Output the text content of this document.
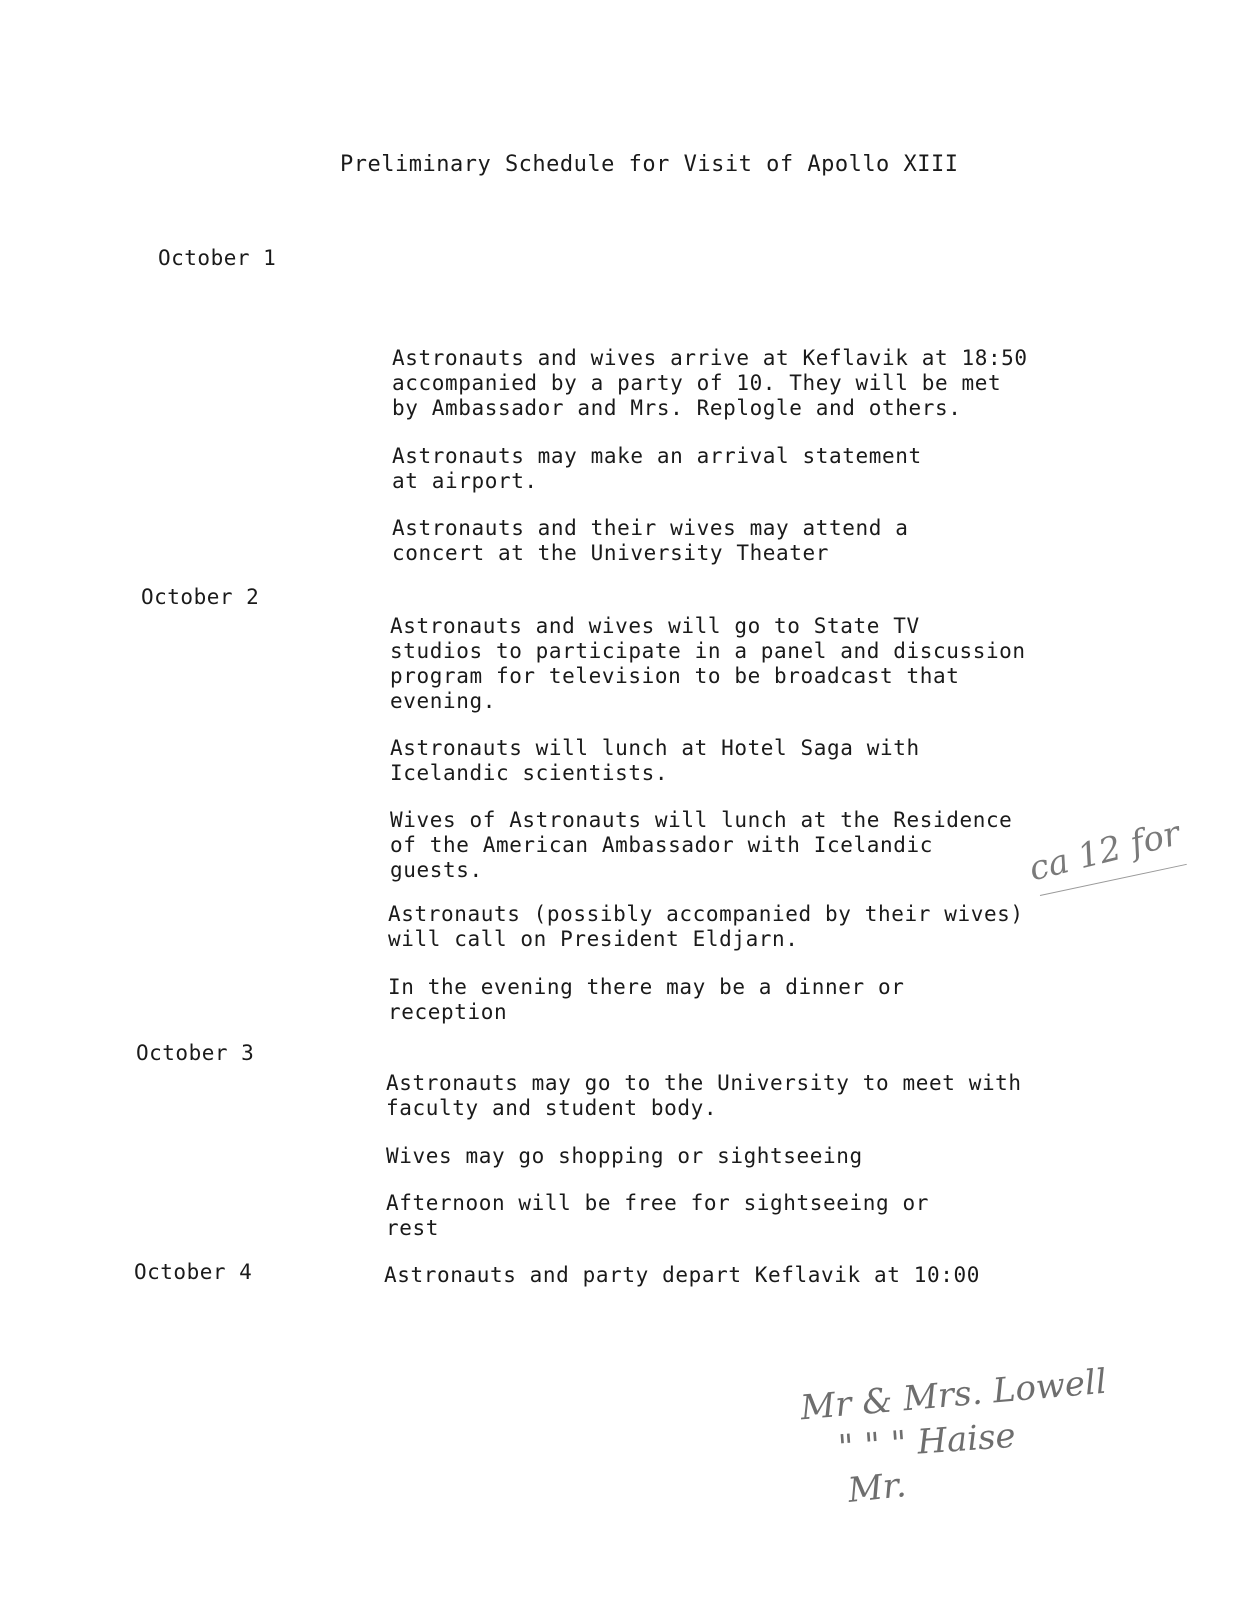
Preliminary Schedule for Visit of Apollo XIII
October 1
Astronauts and wives arrive at Keflavik at 18:50
accompanied by a party of 10. They will be met
by Ambassador and Mrs. Replogle and others.
Astronauts may make an arrival statement
at airport.
Astronauts and their wives may attend a
concert at the University Theater
October 2
Astronauts and wives will go to State TV
studios to participate in a panel and discussion
program for television to be broadcast that
evening.
Astronauts will lunch at Hotel Saga with
Icelandic scientists.
Wives of Astronauts will lunch at the Residence
of the American Ambassador with Icelandic
guests.
Astronauts (possibly accompanied by their wives)
will call on President Eldjarn.
In the evening there may be a dinner or
reception
October 3
Astronauts may go to the University to meet with
faculty and student body.
Wives may go shopping or sightseeing
Afternoon will be free for sightseeing or
rest
October 4	Astronauts and party depart Keflavik at 10:00
ca 12 for
Mr & Mrs. Lowell
" " " Haise
Mr.
